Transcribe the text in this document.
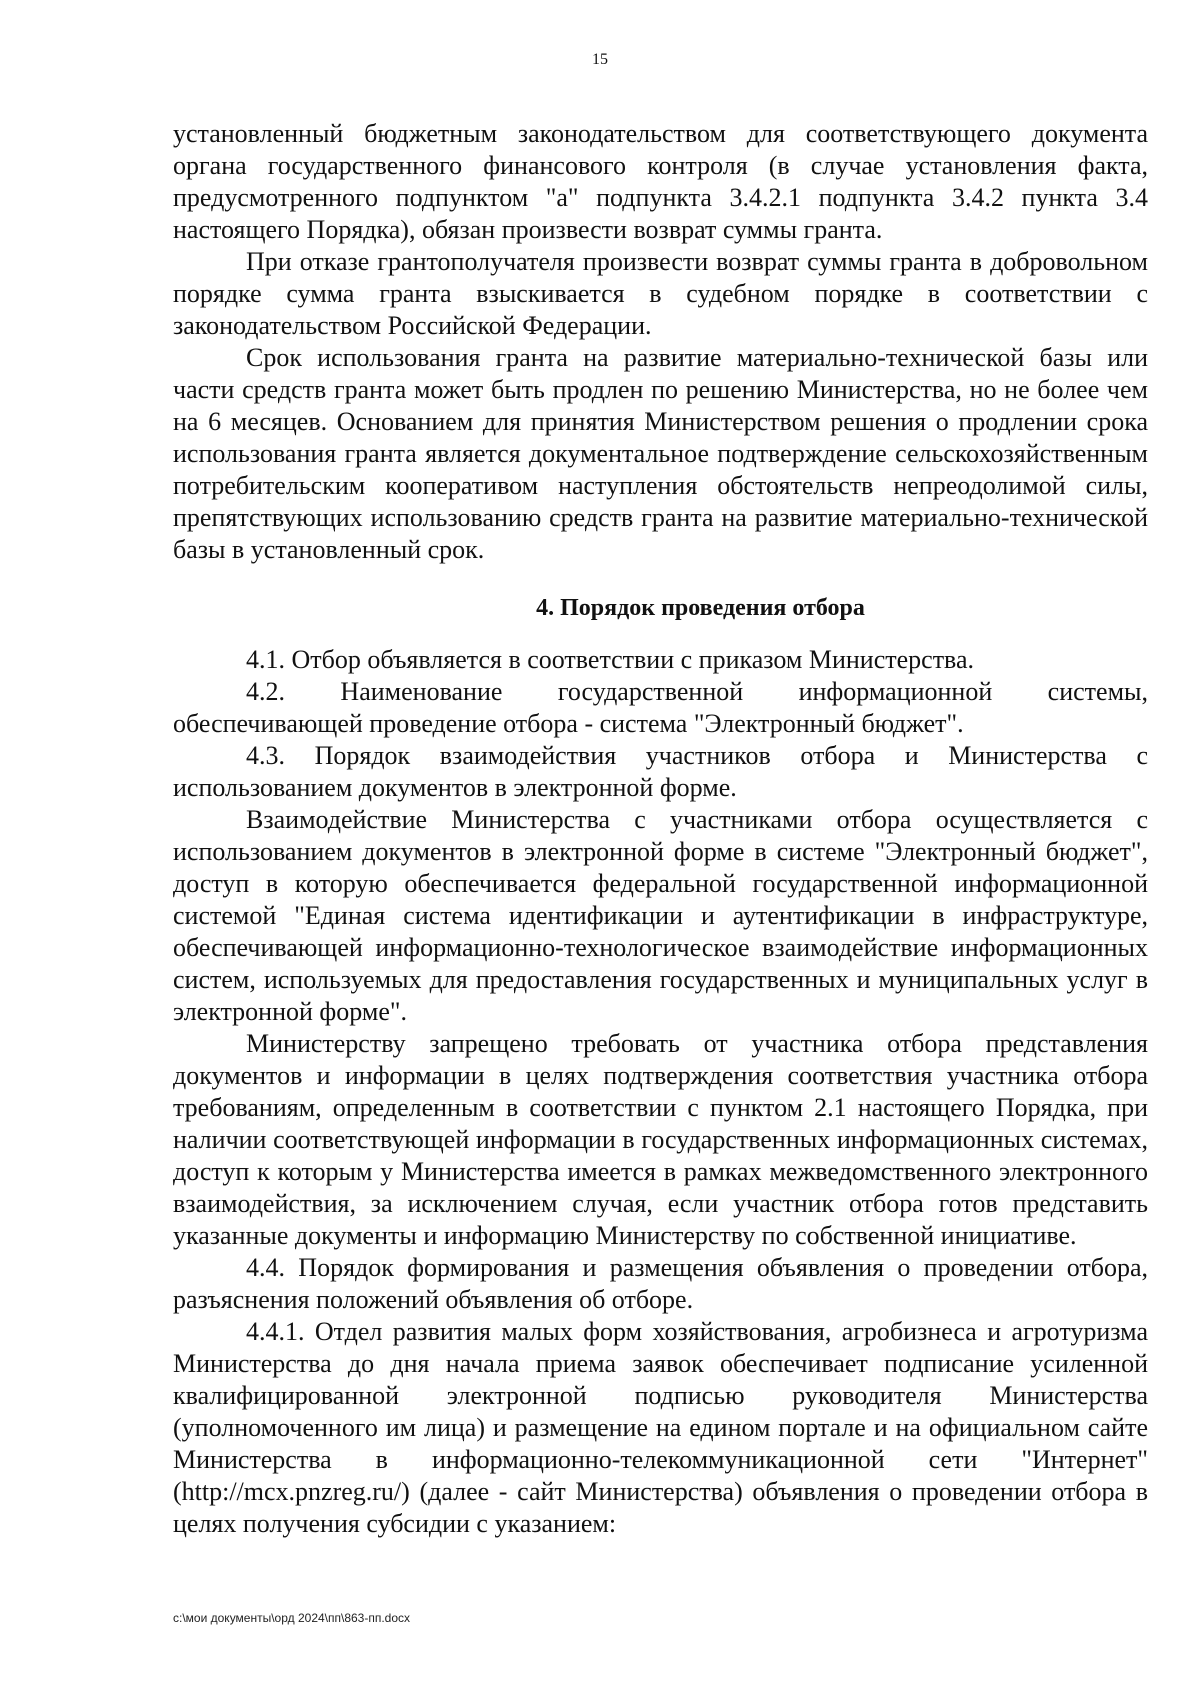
15

установленный бюджетным законодательством для соответствующего документа органа государственного финансового контроля (в случае установления факта, предусмотренного подпунктом "а" подпункта 3.4.2.1 подпункта 3.4.2 пункта 3.4 настоящего Порядка), обязан произвести возврат суммы гранта.

При отказе грантополучателя произвести возврат суммы гранта в добровольном порядке сумма гранта взыскивается в судебном порядке в соответствии с законодательством Российской Федерации.

Срок использования гранта на развитие материально-технической базы или части средств гранта может быть продлен по решению Министерства, но не более чем на 6 месяцев. Основанием для принятия Министерством решения о продлении срока использования гранта является документальное подтверждение сельскохозяйственным потребительским кооперативом наступления обстоятельств непреодолимой силы, препятствующих использованию средств гранта на развитие материально-технической базы в установленный срок.

4. Порядок проведения отбора

4.1. Отбор объявляется в соответствии с приказом Министерства.

4.2. Наименование государственной информационной системы, обеспечивающей проведение отбора - система "Электронный бюджет".

4.3. Порядок взаимодействия участников отбора и Министерства с использованием документов в электронной форме.

Взаимодействие Министерства с участниками отбора осуществляется с использованием документов в электронной форме в системе "Электронный бюджет", доступ в которую обеспечивается федеральной государственной информационной системой "Единая система идентификации и аутентификации в инфраструктуре, обеспечивающей информационно-технологическое взаимодействие информационных систем, используемых для предоставления государственных и муниципальных услуг в электронной форме".

Министерству запрещено требовать от участника отбора представления документов и информации в целях подтверждения соответствия участника отбора требованиям, определенным в соответствии с пунктом 2.1 настоящего Порядка, при наличии соответствующей информации в государственных информационных системах, доступ к которым у Министерства имеется в рамках межведомственного электронного взаимодействия, за исключением случая, если участник отбора готов представить указанные документы и информацию Министерству по собственной инициативе.

4.4. Порядок формирования и размещения объявления о проведении отбора, разъяснения положений объявления об отборе.

4.4.1. Отдел развития малых форм хозяйствования, агробизнеса и агротуризма Министерства до дня начала приема заявок обеспечивает подписание усиленной квалифицированной электронной подписью руководителя Министерства (уполномоченного им лица) и размещение на едином портале и на официальном сайте Министерства в информационно-телекоммуникационной сети "Интернет" (http://mcx.pnzreg.ru/) (далее - сайт Министерства) объявления о проведении отбора в целях получения субсидии с указанием:

c:\мои документы\орд 2024\пп\863-пп.docx
